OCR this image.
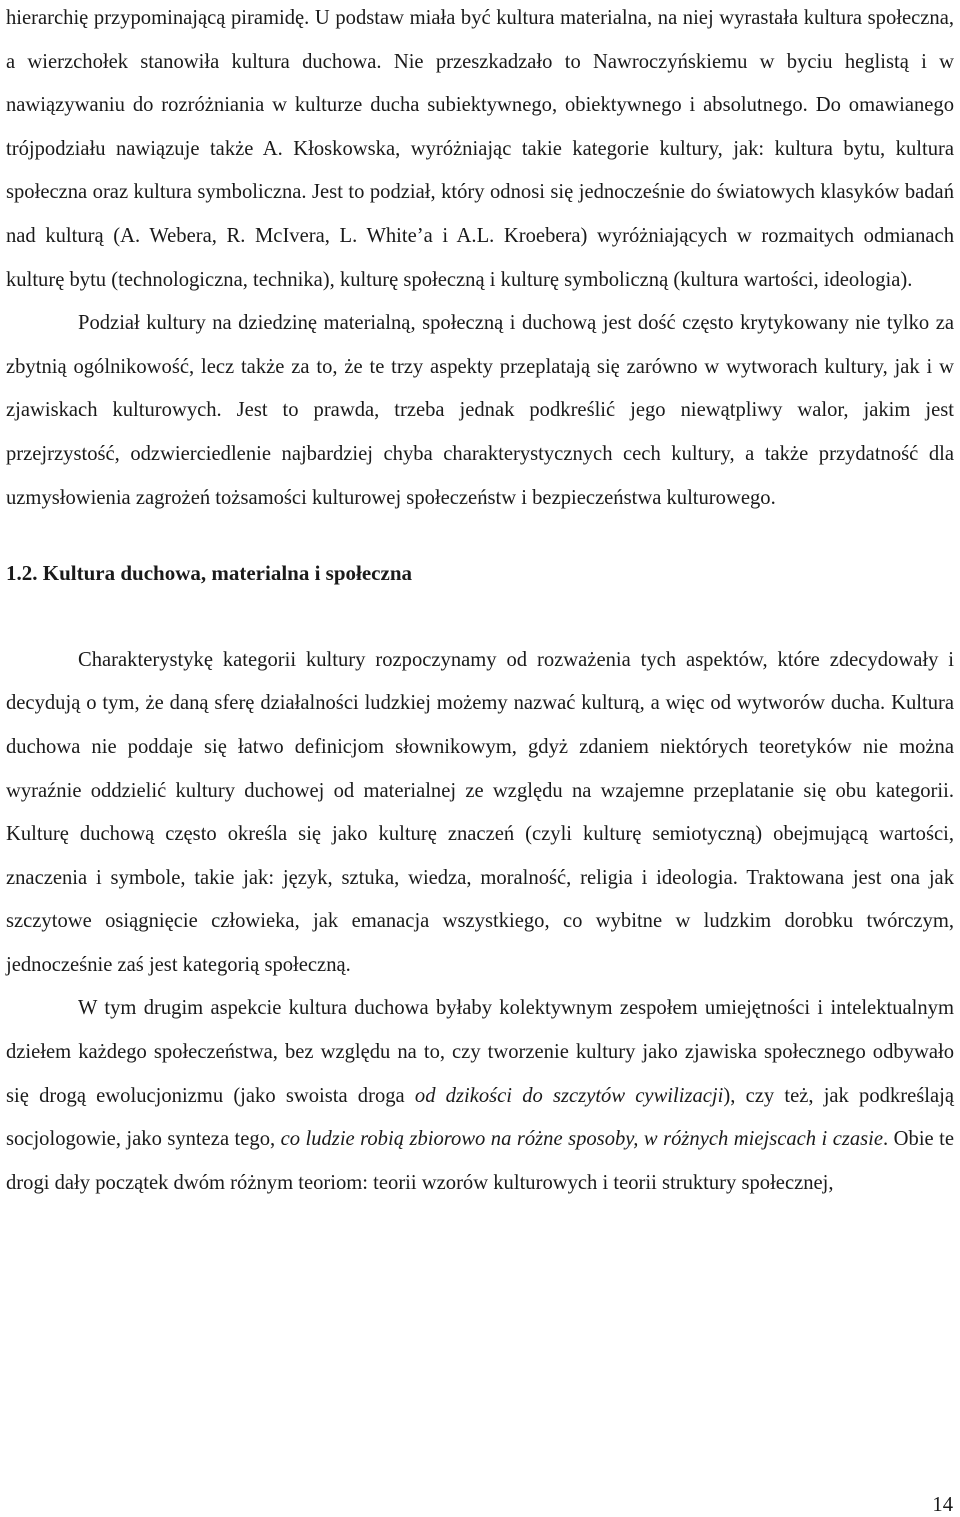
hierarchię przypominającą piramidę. U podstaw miała być kultura materialna, na niej wyrastała kultura społeczna, a wierzchołek stanowiła kultura duchowa. Nie przeszkadzało to Nawroczyńskiemu w byciu heglistą i w nawiązywaniu do rozróżniania w kulturze ducha subiektywnego, obiektywnego i absolutnego. Do omawianego trójpodziału nawiązuje także A. Kłoskowska, wyróżniając takie kategorie kultury, jak: kultura bytu, kultura społeczna oraz kultura symboliczna. Jest to podział, który odnosi się jednocześnie do światowych klasyków badań nad kulturą (A. Webera, R. McIvera, L. White’a i A.L. Kroebera) wyróżniających w rozmaitych odmianach kulturę bytu (technologiczna, technika), kulturę społeczną i kulturę symboliczną (kultura wartości, ideologia).

Podział kultury na dziedzinę materialną, społeczną i duchową jest dość często krytykowany nie tylko za zbytnią ogólnikowość, lecz także za to, że te trzy aspekty przeplatają się zarówno w wytworach kultury, jak i w zjawiskach kulturowych. Jest to prawda, trzeba jednak podkreślić jego niewątpliwy walor, jakim jest przejrzystość, odzwierciedlenie najbardziej chyba charakterystycznych cech kultury, a także przydatność dla uzmysłowienia zagrożeń tożsamości kulturowej społeczeństw i bezpieczeństwa kulturowego.

1.2. Kultura duchowa, materialna i społeczna

Charakterystykę kategorii kultury rozpoczynamy od rozważenia tych aspektów, które zdecydowały i decydują o tym, że daną sferę działalności ludzkiej możemy nazwać kulturą, a więc od wytworów ducha. Kultura duchowa nie poddaje się łatwo definicjom słownikowym, gdyż zdaniem niektórych teoretyków nie można wyraźnie oddzielić kultury duchowej od materialnej ze względu na wzajemne przeplatanie się obu kategorii. Kulturę duchową często określa się jako kulturę znaczeń (czyli kulturę semiotyczną) obejmującą wartości, znaczenia i symbole, takie jak: język, sztuka, wiedza, moralność, religia i ideologia. Traktowana jest ona jak szczytowe osiągnięcie człowieka, jak emanacja wszystkiego, co wybitne w ludzkim dorobku twórczym, jednocześnie zaś jest kategorią społeczną.

W tym drugim aspekcie kultura duchowa byłaby kolektywnym zespołem umiejętności i intelektualnym dziełem każdego społeczeństwa, bez względu na to, czy tworzenie kultury jako zjawiska społecznego odbywało się drogą ewolucjonizmu (jako swoista droga od dzikości do szczytów cywilizacji), czy też, jak podkreślają socjologowie, jako synteza tego, co ludzie robią zbiorowo na różne sposoby, w różnych miejscach i czasie. Obie te drogi dały początek dwóm różnym teoriom: teorii wzorów kulturowych i teorii struktury społecznej,

14
